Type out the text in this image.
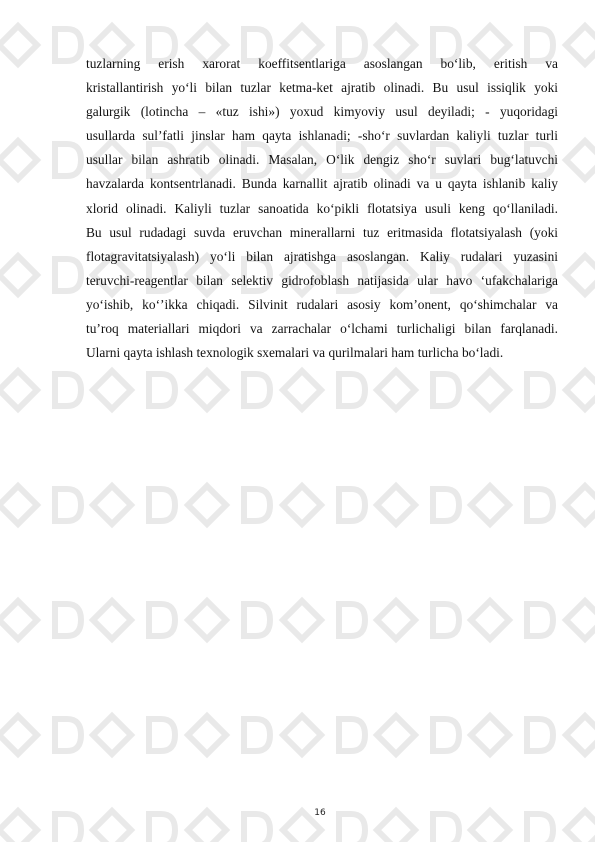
tuzlarning erish xarorat koeffitsentlariga asoslangan bo‘lib, eritish va
kristallantirish yo‘li bilan tuzlar ketma-ket ajratib olinadi. Bu usul issiqlik yoki
galurgik (lotincha – «tuz ishi») yoxud kimyoviy usul deyiladi; - yuqoridagi
usullarda sul’fatli jinslar ham qayta ishlanadi; -sho‘r suvlardan kaliyli tuzlar turli
usullar bilan ashratib olinadi. Masalan, O‘lik dengiz sho‘r suvlari bug‘latuvchi
havzalarda kontsentrlanadi. Bunda karnallit ajratib olinadi va u qayta ishlanib kaliy
xlorid olinadi. Kaliyli tuzlar sanoatida ko‘pikli flotatsiya usuli keng qo‘llaniladi.
Bu usul rudadagi suvda eruvchan minerallarni tuz eritmasida flotatsiyalash (yoki
flotagravitatsiyalash) yo‘li bilan ajratishga asoslangan. Kaliy rudalari yuzasini
teruvchi-reagentlar bilan selektiv gidrofoblash natijasida ular havo ‘ufakchalariga
yo‘ishib, ko‘’ikka chiqadi. Silvinit rudalari asosiy kom’onent, qo‘shimchalar va
tu’roq materiallari miqdori va zarrachalar o‘lchami turlichaligi bilan farqlanadi.
Ularni qayta ishlash texnologik sxemalari va qurilmalari ham turlicha bo‘ladi.
16
